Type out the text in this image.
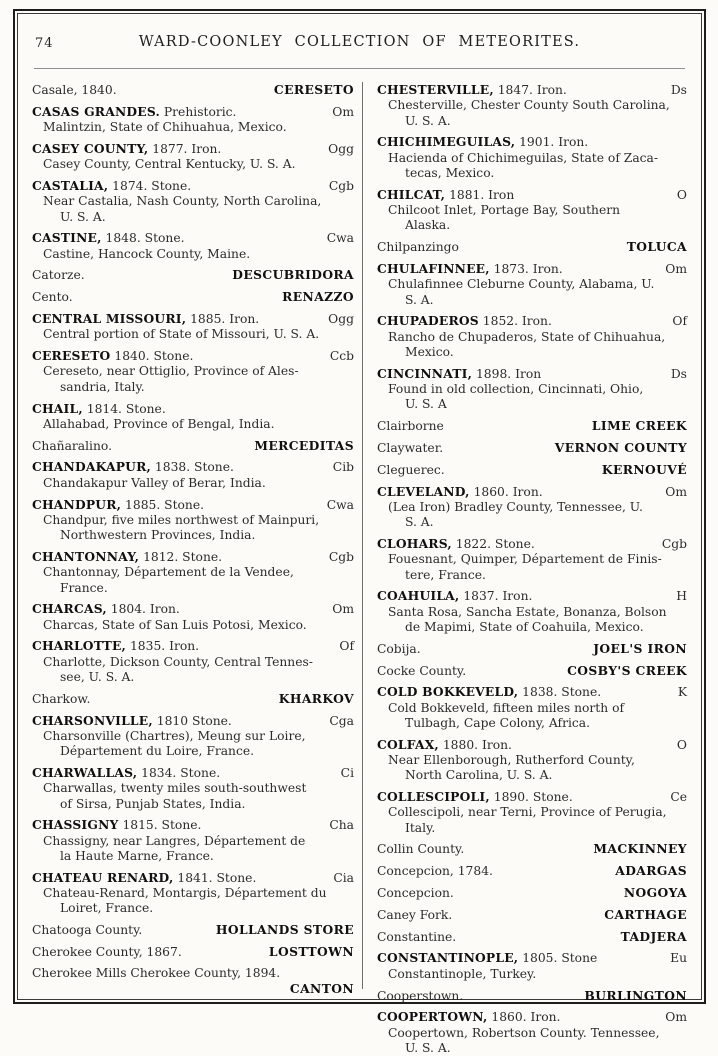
74	WARD-COONLEY COLLECTION OF METEORITES.
Casale, 1840.	CERESETO
CASAS GRANDES. Prehistoric.	Om
Malintzin, State of Chihuahua, Mexico.
CASEY COUNTY, 1877. Iron.	Ogg
Casey County, Central Kentucky, U. S. A.
CASTALIA, 1874. Stone.	Cgb
Near Castalia, Nash County, North Carolina,
U. S. A.
CASTINE, 1848. Stone.	Cwa
Castine, Hancock County, Maine.
Catorze.	DESCUBRIDORA
Cento.	RENAZZO
CENTRAL MISSOURI, 1885. Iron.	Ogg
Central portion of State of Missouri, U. S. A.
CERESETO 1840. Stone.	Ccb
Cereseto, near Ottiglio, Province of Ales-
sandria, Italy.
CHAIL, 1814. Stone.
Allahabad, Province of Bengal, India.
Chañaralino.	MERCEDITAS
CHANDAKAPUR, 1838. Stone.	Cib
Chandakapur Valley of Berar, India.
CHANDPUR, 1885. Stone.	Cwa
Chandpur, five miles northwest of Mainpuri,
Northwestern Provinces, India.
CHANTONNAY, 1812. Stone.	Cgb
Chantonnay, Département de la Vendee,
France.
CHARCAS, 1804. Iron.	Om
Charcas, State of San Luis Potosi, Mexico.
CHARLOTTE, 1835. Iron.	Of
Charlotte, Dickson County, Central Tennes-
see, U. S. A.
Charkow.	KHARKOV
CHARSONVILLE, 1810 Stone.	Cga
Charsonville (Chartres), Meung sur Loire,
Département du Loire, France.
CHARWALLAS, 1834. Stone.	Ci
Charwallas, twenty miles south-southwest
of Sirsa, Punjab States, India.
CHASSIGNY 1815. Stone.	Cha
Chassigny, near Langres, Département de
la Haute Marne, France.
CHATEAU RENARD, 1841. Stone.	Cia
Chateau-Renard, Montargis, Département du
Loiret, France.
Chatooga County.	HOLLANDS STORE
Cherokee County, 1867.	LOSTTOWN
Cherokee Mills Cherokee County, 1894.
CANTON
CHESTERVILLE, 1847. Iron.	Ds
Chesterville, Chester County South Carolina,
U. S. A.
CHICHIMEGUILAS, 1901. Iron.
Hacienda of Chichimeguilas, State of Zaca-
tecas, Mexico.
CHILCAT, 1881. Iron	O
Chilcoot Inlet, Portage Bay, Southern
Alaska.
Chilpanzingo	TOLUCA
CHULAFINNEE, 1873. Iron.	Om
Chulafinnee Cleburne County, Alabama, U.
S. A.
CHUPADEROS 1852. Iron.	Of
Rancho de Chupaderos, State of Chihuahua,
Mexico.
CINCINNATI, 1898. Iron	Ds
Found in old collection, Cincinnati, Ohio,
U. S. A
Clairborne	LIME CREEK
Claywater.	VERNON COUNTY
Cleguerec.	KERNOUVÉ
CLEVELAND, 1860. Iron.	Om
(Lea Iron) Bradley County, Tennessee, U.
S. A.
CLOHARS, 1822. Stone.	Cgb
Fouesnant, Quimper, Département de Finis-
tere, France.
COAHUILA, 1837. Iron.	H
Santa Rosa, Sancha Estate, Bonanza, Bolson
de Mapimi, State of Coahuila, Mexico.
Cobija.	JOEL'S IRON
Cocke County.	COSBY'S CREEK
COLD BOKKEVELD, 1838. Stone.	K
Cold Bokkeveld, fifteen miles north of
Tulbagh, Cape Colony, Africa.
COLFAX, 1880. Iron.	O
Near Ellenborough, Rutherford County,
North Carolina, U. S. A.
COLLESCIPOLI, 1890. Stone.	Ce
Collescipoli, near Terni, Province of Perugia,
Italy.
Collin County.	MACKINNEY
Concepcion, 1784.	ADARGAS
Concepcion.	NOGOYA
Caney Fork.	CARTHAGE
Constantine.	TADJERA
CONSTANTINOPLE, 1805. Stone	Eu
Constantinople, Turkey.
Cooperstown.	BURLINGTON
COOPERTOWN, 1860. Iron.	Om
Coopertown, Robertson County. Tennessee,
U. S. A.
